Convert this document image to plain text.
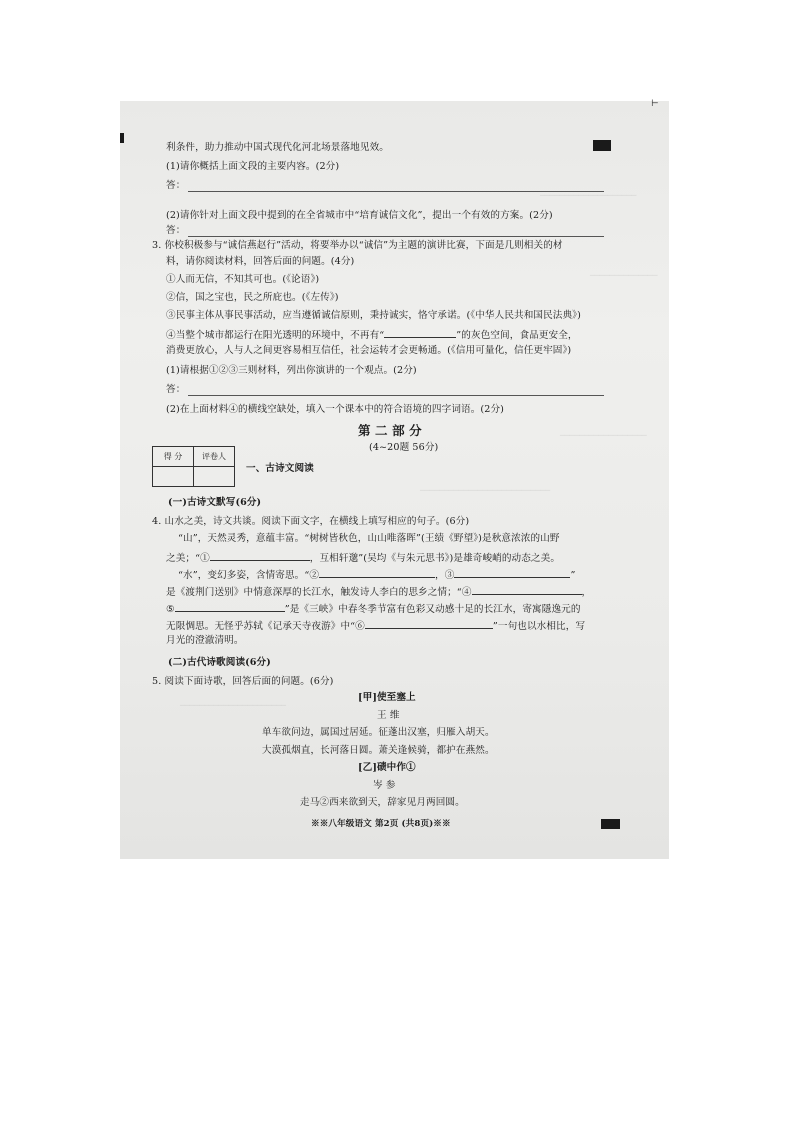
────────────────────
──────────────
──────────────────
───────────────────────────
──────────────────────
⊢
利条件，助力推动中国式现代化河北场景落地见效。
(1)请你概括上面文段的主要内容。(2分)
答：
(2)请你针对上面文段中提到的在全省城市中“培育诚信文化”，提出一个有效的方案。(2分)
答：
3. 你校积极参与“诚信燕赵行”活动，将要举办以“诚信”为主题的演讲比赛，下面是几则相关的材
料，请你阅读材料，回答后面的问题。(4分)
①人而无信，不知其可也。(《论语》)
②信，国之宝也，民之所庇也。(《左传》)
③民事主体从事民事活动，应当遵循诚信原则，秉持诚实，恪守承诺。(《中华人民共和国民法典》)
④当整个城市都运行在阳光透明的环境中，不再有“	”的灰色空间，食品更安全，
消费更放心，人与人之间更容易相互信任，社会运转才会更畅通。(《信用可量化，信任更牢固》)
(1)请根据①②③三则材料，列出你演讲的一个观点。(2分)
答：
(2)在上面材料④的横线空缺处，填入一个课本中的符合语境的四字词语。(2分)
第 二 部 分
(4~20题 56分)
得 分	评卷人

一、古诗文阅读
(一)古诗文默写(6分)
4. 山水之美，诗文共谈。阅读下面文字，在横线上填写相应的句子。(6分)
“山”，天然灵秀，意蕴丰富。“树树皆秋色，山山唯落晖”(王绩《野望》)是秋意浓浓的山野
之美；“①	，互相轩邈”(吴均《与朱元思书》)是雄奇峻峭的动态之美。
“水”，变幻多姿，含情寄思。“②	，③	”
是《渡荆门送别》中情意深厚的长江水，触发诗人李白的思乡之情；“④	，
⑤	”是《三峡》中春冬季节富有色彩又动感十足的长江水，寄寓隱逸元的
无限惆思。无怪乎苏轼《记承天寺夜游》中“⑥	”一句也以水相比，写
月光的澄澈清明。
(二)古代诗歌阅读(6分)
5. 阅读下面诗歌，回答后面的问题。(6分)
[甲]使至塞上
王 维
单车欲问边，属国过居延。征蓬出汉塞，归雁入胡天。
大漠孤烟直，长河落日圆。萧关逢候骑，都护在燕然。
[乙]碛中作①
岑 参
走马②西来欲到天，辞家见月两回圆。
※※八年级语文 第2页 (共8页)※※
